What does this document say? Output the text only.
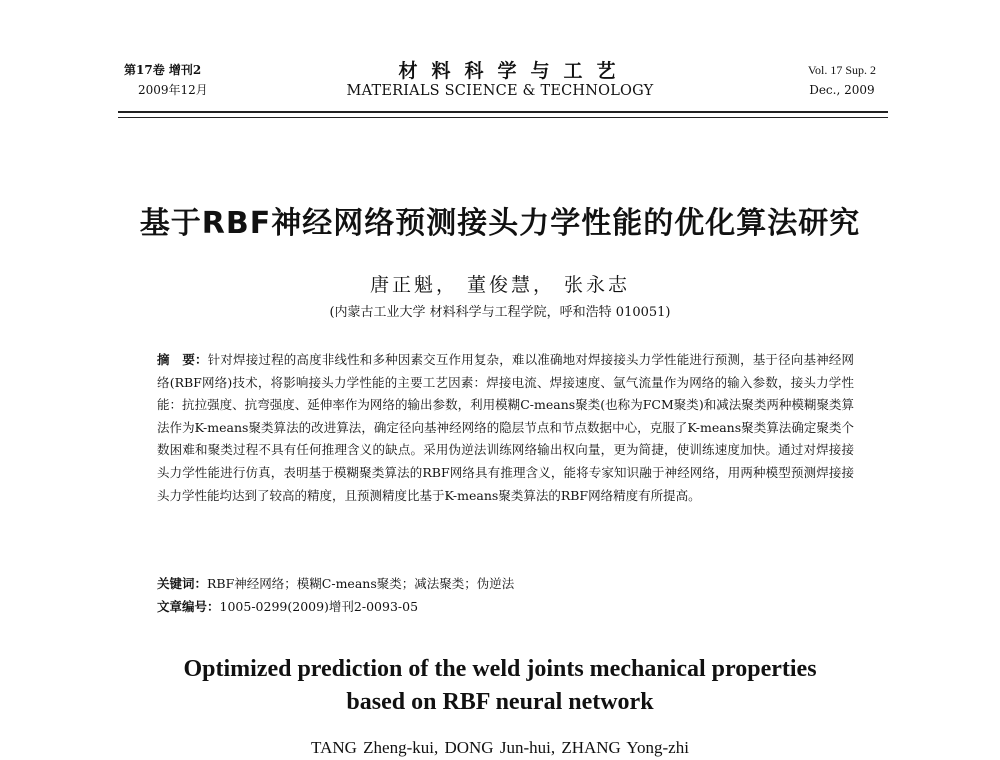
第17卷 增刊2
2009年12月
材料科学与工艺
MATERIALS SCIENCE & TECHNOLOGY
Vol. 17 Sup. 2
Dec., 2009
基于RBF神经网络预测接头力学性能的优化算法研究
唐正魁， 董俊慧， 张永志
(内蒙古工业大学 材料科学与工程学院，呼和浩特 010051)
摘　要：针对焊接过程的高度非线性和多种因素交互作用复杂，难以准确地对焊接接头力学性能进行预测，基于径向基神经网络(RBF网络)技术，将影响接头力学性能的主要工艺因素：焊接电流、焊接速度、氩气流量作为网络的输入参数，接头力学性能：抗拉强度、抗弯强度、延伸率作为网络的输出参数，利用模糊C-means聚类(也称为FCM聚类)和减法聚类两种模糊聚类算法作为K-means聚类算法的改进算法，确定径向基神经网络的隐层节点和节点数据中心，克服了K-means聚类算法确定聚类个数困难和聚类过程不具有任何推理含义的缺点。采用伪逆法训练网络输出权向量，更为简捷，使训练速度加快。通过对焊接接头力学性能进行仿真，表明基于模糊聚类算法的RBF网络具有推理含义，能将专家知识融于神经网络，用两种模型预测焊接接头力学性能均达到了较高的精度，且预测精度比基于K-means聚类算法的RBF网络精度有所提高。
关键词：RBF神经网络；模糊C-means聚类；减法聚类；伪逆法
文章编号：1005-0299(2009)增刊2-0093-05
Optimized prediction of the weld joints mechanical properties
based on RBF neural network
TANG Zheng-kui, DONG Jun-hui, ZHANG Yong-zhi
